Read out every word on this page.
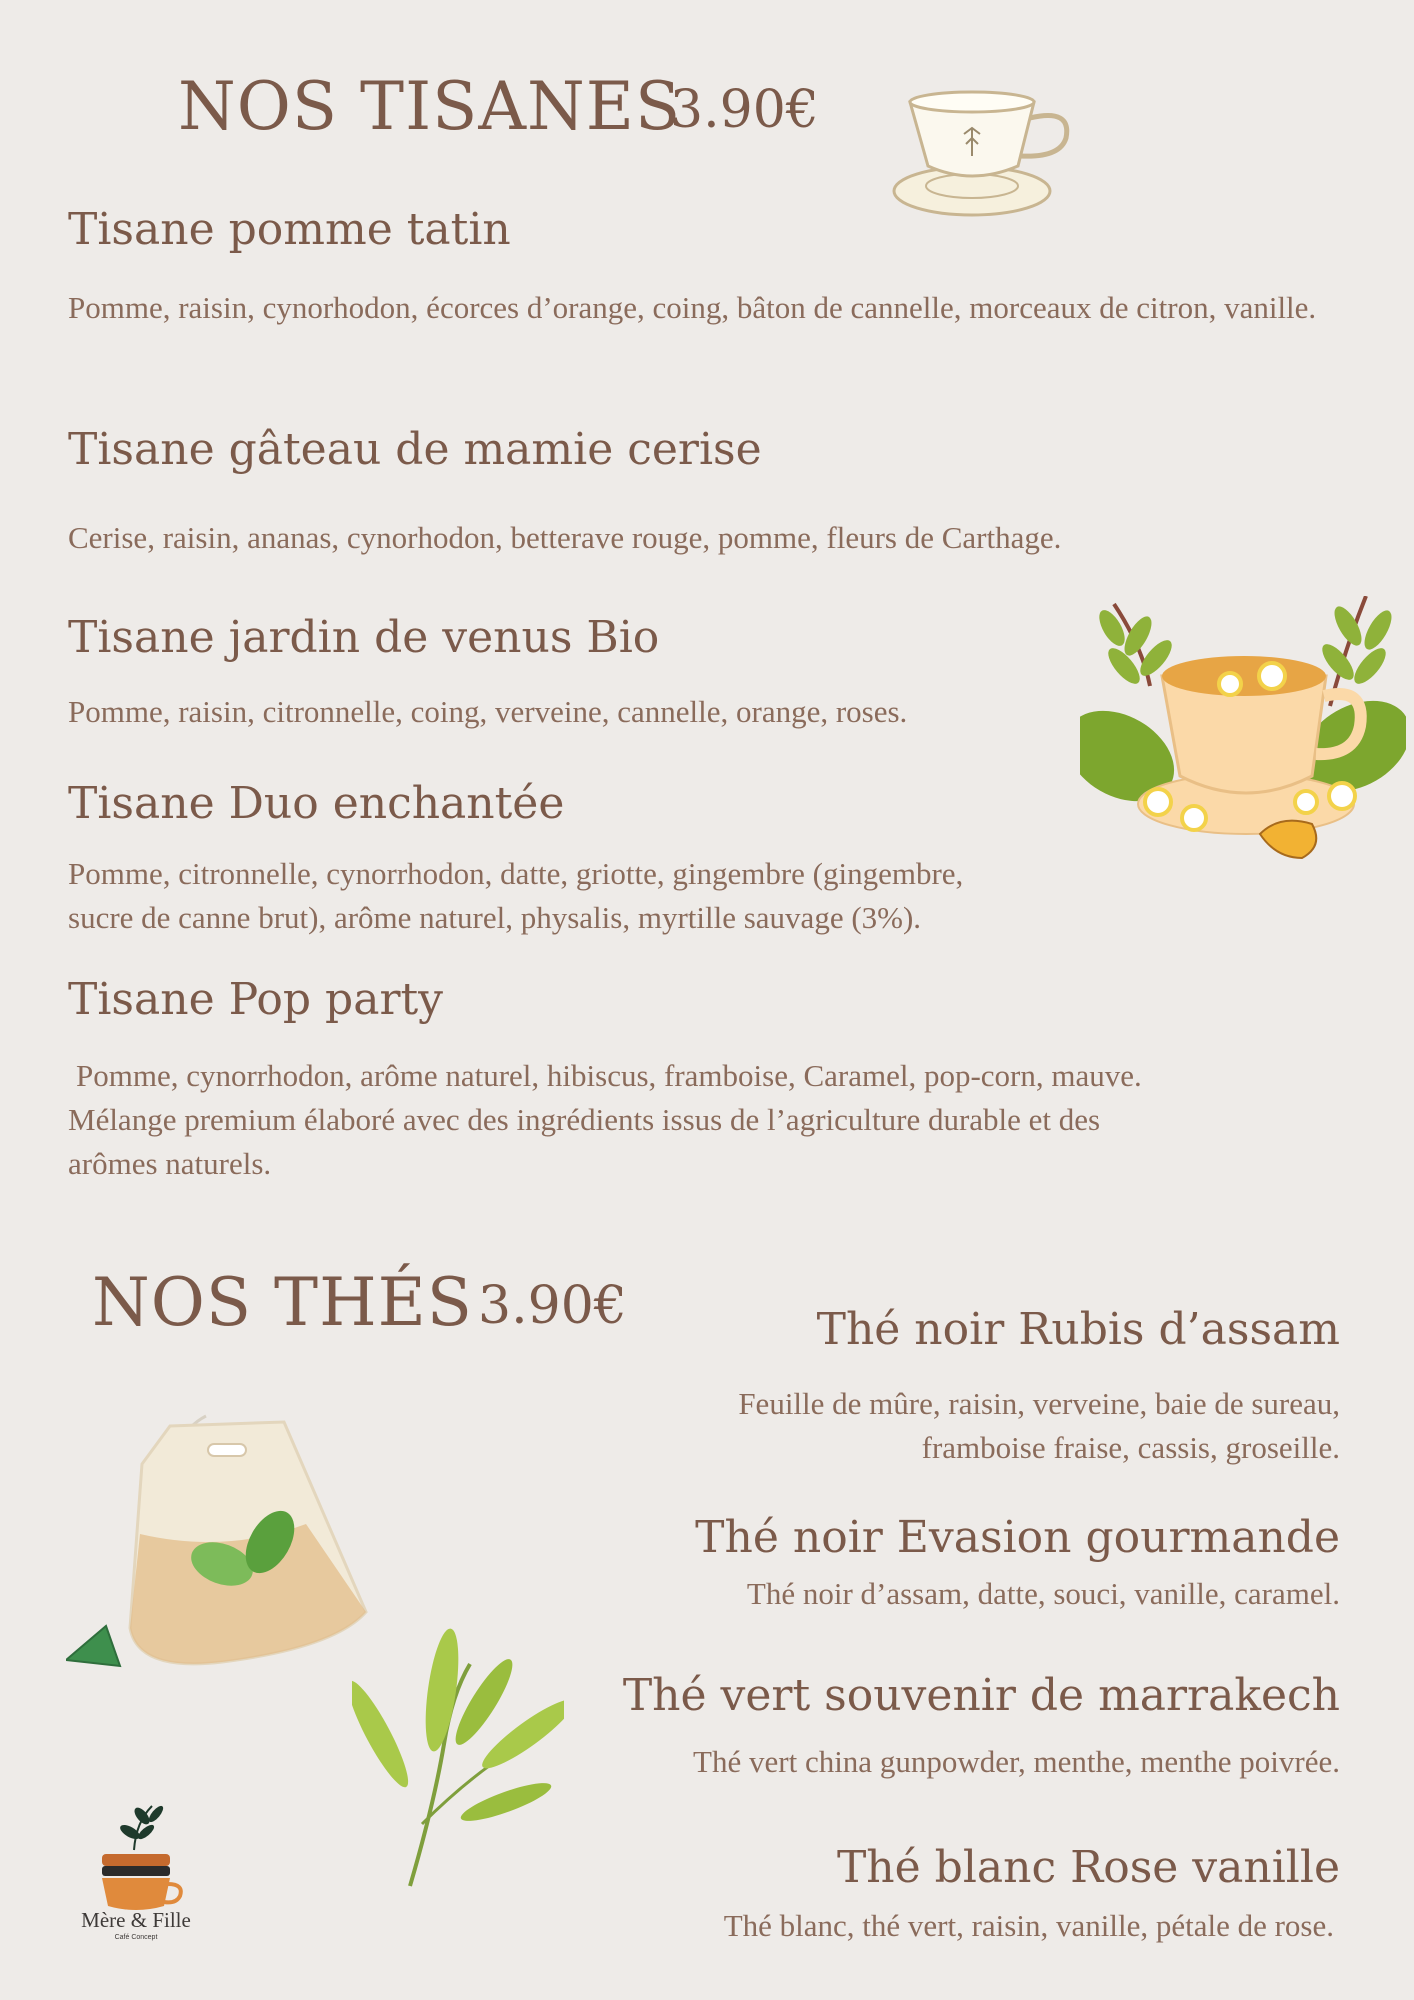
NOS TISANES
3.90€
Tisane pomme tatin
Pomme, raisin, cynorhodon, écorces d’orange, coing, bâton de cannelle, morceaux de citron, vanille.
Tisane gâteau de mamie cerise
Cerise, raisin, ananas, cynorhodon, betterave rouge, pomme, fleurs de Carthage.
Tisane jardin de venus Bio
Pomme, raisin, citronnelle, coing, verveine, cannelle, orange, roses.
Tisane Duo enchantée
Pomme, citronnelle, cynorrhodon, datte, griotte, gingembre (gingembre,
sucre de canne brut), arôme naturel, physalis, myrtille sauvage (3%).
Tisane Pop party
Pomme, cynorrhodon, arôme naturel, hibiscus, framboise, Caramel, pop-corn, mauve.
Mélange premium élaboré avec des ingrédients issus de l’agriculture durable et des
arômes naturels.
NOS THÉS 3.90€	Thé noir Rubis d’assam
Feuille de mûre, raisin, verveine, baie de sureau,
framboise fraise, cassis, groseille.
Thé noir Evasion gourmande
Thé noir d’assam, datte, souci, vanille, caramel.
Thé vert souvenir de marrakech
Thé vert china gunpowder, menthe, menthe poivrée.
Thé blanc Rose vanille
Thé blanc, thé vert, raisin, vanille, pétale de rose.
Mère & Fille
Café Concept
